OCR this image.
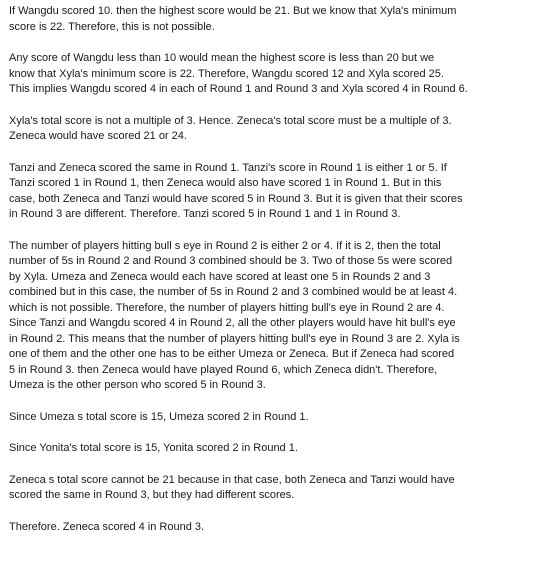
If Wangdu scored 10. then the highest score would be 21. But we know that Xyla's minimum
score is 22. Therefore, this is not possible.

Any score of Wangdu less than 10 would mean the highest score is less than 20 but we
know that Xyla's minimum score is 22. Therefore, Wangdu scored 12 and Xyla scored 25.
This implies Wangdu scored 4 in each of Round 1 and Round 3 and Xyla scored 4 in Round 6.

Xyla's total score is not a multiple of 3. Hence. Zeneca's total score must be a multiple of 3.
Zeneca would have scored 21 or 24.

Tanzi and Zeneca scored the same in Round 1. Tanzi's score in Round 1 is either 1 or 5. If
Tanzi scored 1 in Round 1, then Zeneca would also have scored 1 in Round 1. But in this
case, both Zeneca and Tanzi would have scored 5 in Round 3. But it is given that their scores
in Round 3 are different. Therefore. Tanzi scored 5 in Round 1 and 1 in Round 3.

The number of players hitting bull s eye in Round 2 is either 2 or 4. If it is 2, then the total
number of 5s in Round 2 and Round 3 combined should be 3. Two of those 5s were scored
by Xyla. Umeza and Zeneca would each have scored at least one 5 in Rounds 2 and 3
combined but in this case, the number of 5s in Round 2 and 3 combined would be at least 4.
which is not possible. Therefore, the number of players hitting bull's eye in Round 2 are 4.
Since Tanzi and Wangdu scored 4 in Round 2, all the other players would have hit bull's eye
in Round 2. This means that the number of players hitting bull's eye in Round 3 are 2. Xyla is
one of them and the other one has to be either Umeza or Zeneca. But if Zeneca had scored
5 in Round 3. then Zeneca would have played Round 6, which Zeneca didn't. Therefore,
Umeza is the other person who scored 5 in Round 3.

Since Umeza s total score is 15, Umeza scored 2 in Round 1.

Since Yonita's total score is 15, Yonita scored 2 in Round 1.

Zeneca s total score cannot be 21 because in that case, both Zeneca and Tanzi would have
scored the same in Round 3, but they had different scores.

Therefore. Zeneca scored 4 in Round 3.
